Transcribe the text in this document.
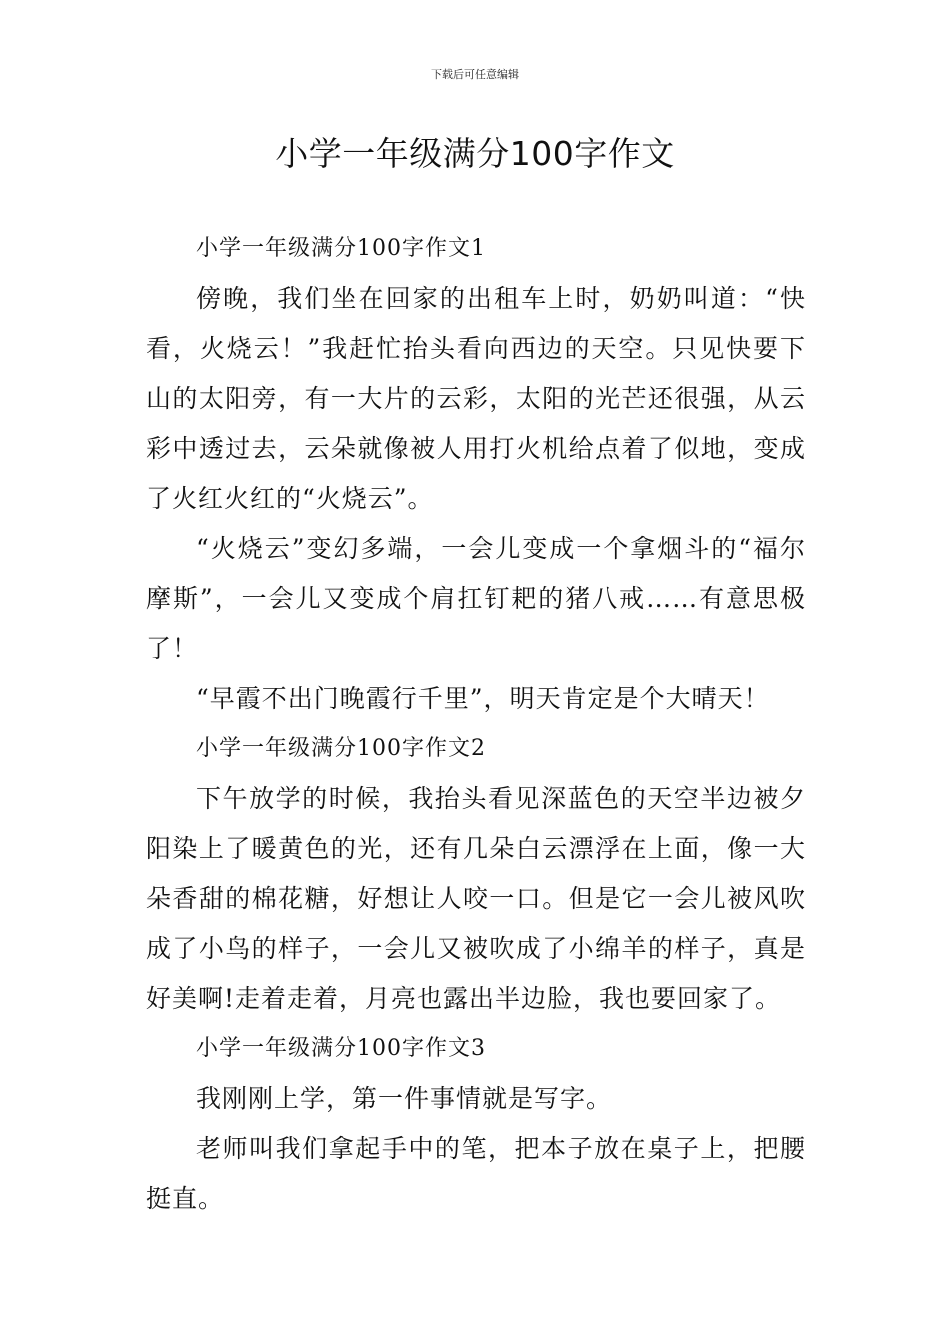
下载后可任意编辑
小学一年级满分100字作文

小学一年级满分100字作文1

傍晚，我们坐在回家的出租车上时，奶奶叫道：“快看，火烧云！”我赶忙抬头看向西边的天空。只见快要下山的太阳旁，有一大片的云彩，太阳的光芒还很强，从云彩中透过去，云朵就像被人用打火机给点着了似地，变成了火红火红的“火烧云”。

“火烧云”变幻多端，一会儿变成一个拿烟斗的“福尔摩斯”，一会儿又变成个肩扛钉耙的猪八戒……有意思极了！

“早霞不出门晚霞行千里”，明天肯定是个大晴天！

小学一年级满分100字作文2

下午放学的时候，我抬头看见深蓝色的天空半边被夕阳染上了暖黄色的光，还有几朵白云漂浮在上面，像一大朵香甜的棉花糖，好想让人咬一口。但是它一会儿被风吹成了小鸟的样子，一会儿又被吹成了小绵羊的样子，真是好美啊!走着走着，月亮也露出半边脸，我也要回家了。

小学一年级满分100字作文3

我刚刚上学，第一件事情就是写字。

老师叫我们拿起手中的笔，把本子放在桌子上，把腰挺直。
